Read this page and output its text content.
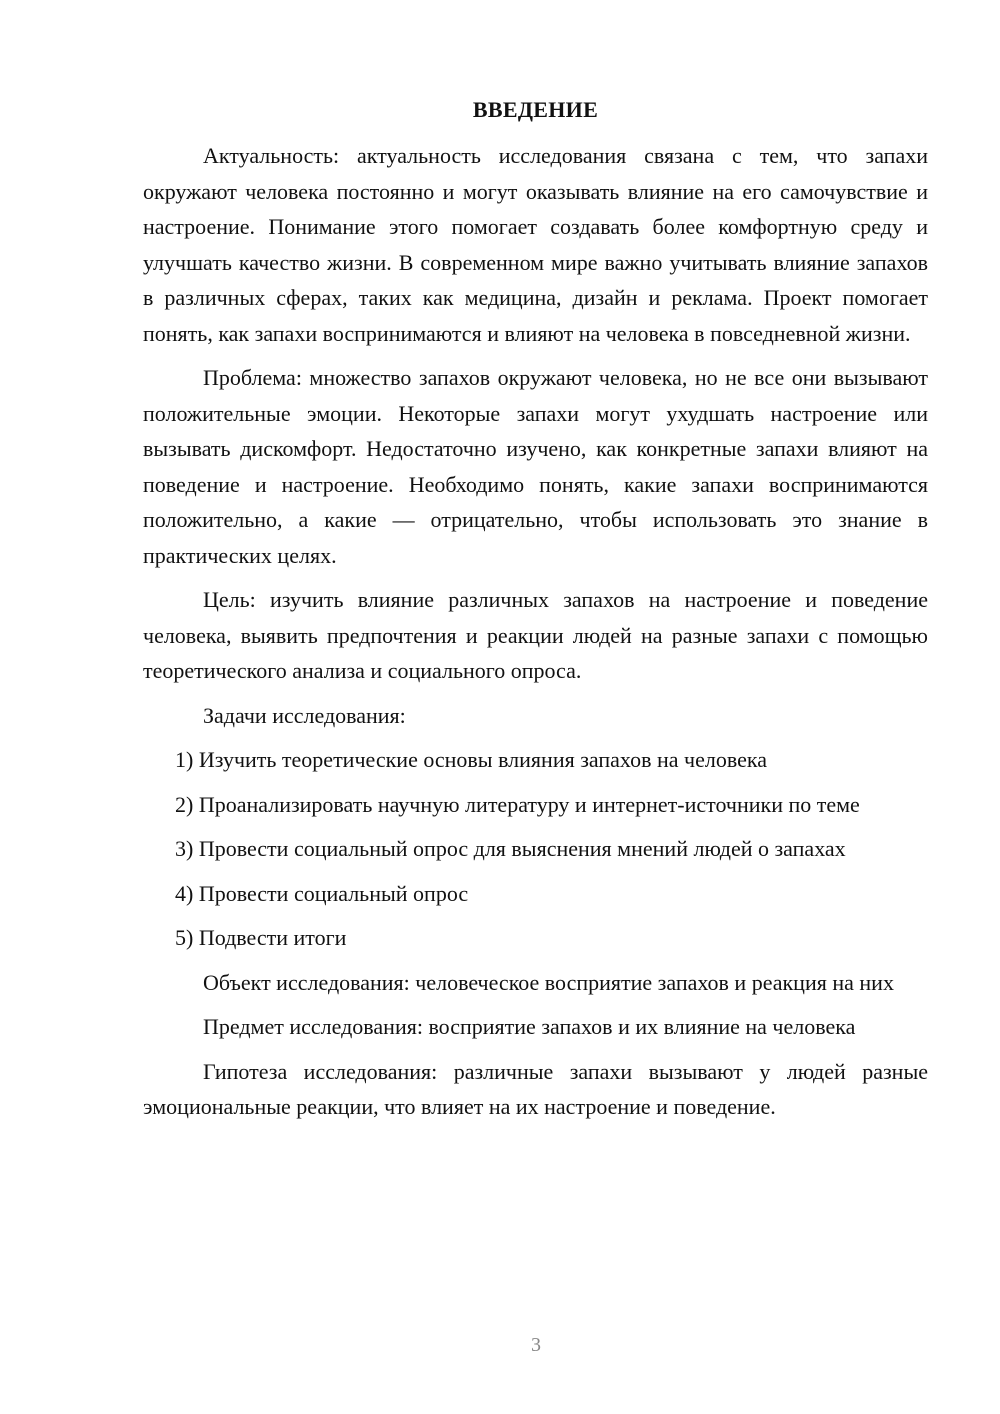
ВВЕДЕНИЕ

Актуальность: актуальность исследования связана с тем, что запахи окружают человека постоянно и могут оказывать влияние на его самочувствие и настроение. Понимание этого помогает создавать более комфортную среду и улучшать качество жизни. В современном мире важно учитывать влияние запахов в различных сферах, таких как медицина, дизайн и реклама. Проект помогает понять, как запахи воспринимаются и влияют на человека в повседневной жизни.

Проблема: множество запахов окружают человека, но не все они вызывают положительные эмоции. Некоторые запахи могут ухудшать настроение или вызывать дискомфорт. Недостаточно изучено, как конкретные запахи влияют на поведение и настроение. Необходимо понять, какие запахи воспринимаются положительно, а какие — отрицательно, чтобы использовать это знание в практических целях.

Цель: изучить влияние различных запахов на настроение и поведение человека, выявить предпочтения и реакции людей на разные запахи с помощью теоретического анализа и социального опроса.

Задачи исследования:

1) Изучить теоретические основы влияния запахов на человека

2) Проанализировать научную литературу и интернет-источники по теме

3) Провести социальный опрос для выяснения мнений людей о запахах

4) Провести социальный опрос

5) Подвести итоги

Объект исследования: человеческое восприятие запахов и реакция на них

Предмет исследования: восприятие запахов и их влияние на человека

Гипотеза исследования: различные запахи вызывают у людей разные эмоциональные реакции, что влияет на их настроение и поведение.

3
